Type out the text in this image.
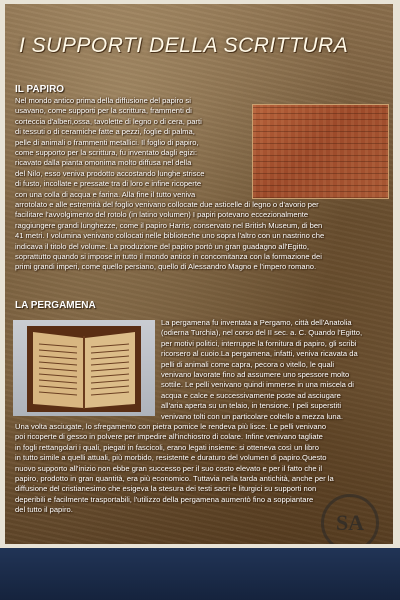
I SUPPORTI DELLA SCRITTURA
IL PAPIRO

Nel mondo antico prima della diffusione del papiro si
usavano, come supporti per la scrittura, frammenti di
corteccia d'alberi,ossa, tavolette di legno o di cera, parti
di tessuti o di ceramiche fatte a pezzi, foglie di palma,
pelle di animali o frammenti metallici. Il foglio di papiro,
come supporto per la scrittura, fu inventato dagli egizi:
ricavato dalla pianta omonima molto diffusa nel della
del Nilo, esso veniva prodotto accostando lunghe strisce
di fusto, incollate e pressate tra di loro e infine ricoperte
con una colla di acqua e farina. Alla fine il tutto veniva

arrotolato e alle estremità del foglio venivano collocate due asticelle di legno o d'avorio per
facilitare l'avvolgimento del rotolo (in latino volumen) I papiri potevano eccezionalmente
raggiungere grandi lunghezze, come il papiro Harris, conservato nel British Museum, di ben
41 metri. I volumina venivano collocati nelle biblioteche uno sopra l'altro con un nastrino che
indicava il titolo del volume. La produzione del papiro portò un gran guadagno all'Egitto,
soprattutto quando si impose in tutto il mondo antico in concomitanza con la formazione dei
primi grandi imperi, come quello persiano, quello di Alessandro Magno e l'impero romano.

LA PERGAMENA

La pergamena fu inventata a Pergamo, città dell'Anatolia
(odierna Turchia), nel corso del II sec. a. C. Quando l'Egitto,
per motivi politici, interruppe la fornitura di papiro, gli scribi
ricorsero al cuoio.La pergamena, infatti, veniva ricavata da
pelli di animali come capra, pecora o vitello, le quali
venivano lavorate fino ad assumere uno spessore molto
sottile. Le pelli venivano quindi immerse in una miscela di
acqua e calce e successivamente poste ad asciugare
all'aria aperta su un telaio, in tensione. I peli superstiti
venivano tolti con un particolare coltello a mezza luna.

Una volta asciugate, lo sfregamento con pietra pomice le rendeva più lisce. Le pelli venivano
poi ricoperte di gesso in polvere per impedire all'inchiostro di colare. Infine venivano tagliate
in fogli rettangolari i quali, piegati in fascicoli, erano legati insieme: si otteneva così un libro
in tutto simile a quelli attuali, più morbido, resistente e duraturo del volumen di papiro.Questo
nuovo supporto all'inizio non ebbe gran successo per il suo costo elevato e per il fatto che il
papiro, prodotto in gran quantità, era più economico. Tuttavia nella tarda antichità, anche per la
diffusione del cristianesimo che esigeva la stesura dei testi sacri e liturgici su supporti non
deperibili e facilmente trasportabili, l'utilizzo della pergamena aumentò fino a soppiantare
del tutto il papiro.

SA
